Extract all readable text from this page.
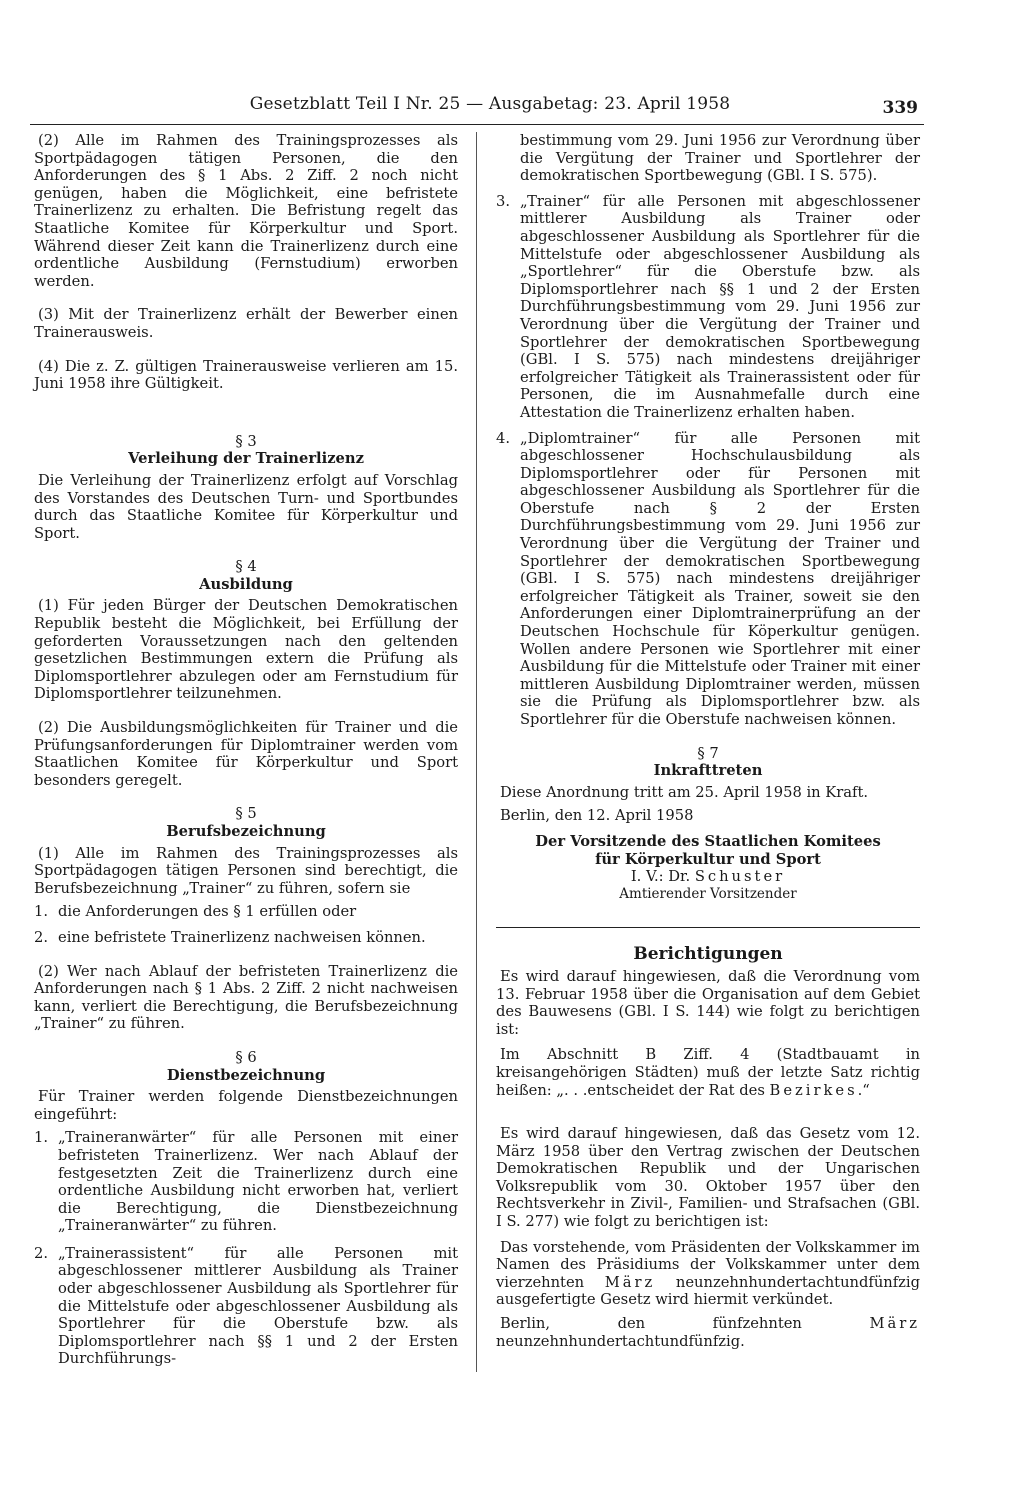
Gesetzblatt Teil I Nr. 25 — Ausgabetag: 23. April 1958	339

(2) Alle im Rahmen des Trainingsprozesses als Sportpädagogen tätigen Personen, die den Anforderungen des § 1 Abs. 2 Ziff. 2 noch nicht genügen, haben die Möglichkeit, eine befristete Trainerlizenz zu erhalten. Die Befristung regelt das Staatliche Komitee für Körperkultur und Sport. Während dieser Zeit kann die Trainerlizenz durch eine ordentliche Ausbildung (Fernstudium) erworben werden.

(3) Mit der Trainerlizenz erhält der Bewerber einen Trainerausweis.

(4) Die z. Z. gültigen Trainerausweise verlieren am 15. Juni 1958 ihre Gültigkeit.

§ 3

Verleihung der Trainerlizenz

Die Verleihung der Trainerlizenz erfolgt auf Vorschlag des Vorstandes des Deutschen Turn- und Sportbundes durch das Staatliche Komitee für Körperkultur und Sport.

§ 4

Ausbildung

(1) Für jeden Bürger der Deutschen Demokratischen Republik besteht die Möglichkeit, bei Erfüllung der geforderten Voraussetzungen nach den geltenden gesetzlichen Bestimmungen extern die Prüfung als Diplomsportlehrer abzulegen oder am Fernstudium für Diplomsportlehrer teilzunehmen.

(2) Die Ausbildungsmöglichkeiten für Trainer und die Prüfungsanforderungen für Diplomtrainer werden vom Staatlichen Komitee für Körperkultur und Sport besonders geregelt.

§ 5

Berufsbezeichnung

(1) Alle im Rahmen des Trainingsprozesses als Sportpädagogen tätigen Personen sind berechtigt, die Berufsbezeichnung „Trainer“ zu führen, sofern sie

1. die Anforderungen des § 1 erfüllen oder
2. eine befristete Trainerlizenz nachweisen können.

(2) Wer nach Ablauf der befristeten Trainerlizenz die Anforderungen nach § 1 Abs. 2 Ziff. 2 nicht nachweisen kann, verliert die Berechtigung, die Berufsbezeichnung „Trainer“ zu führen.

§ 6

Dienstbezeichnung

Für Trainer werden folgende Dienstbezeichnungen eingeführt:

1. „Traineranwärter“ für alle Personen mit einer befristeten Trainerlizenz. Wer nach Ablauf der festgesetzten Zeit die Trainerlizenz durch eine ordentliche Ausbildung nicht erworben hat, verliert die Berechtigung, die Dienstbezeichnung „Traineranwärter“ zu führen.
2. „Trainerassistent“ für alle Personen mit abgeschlossener mittlerer Ausbildung als Trainer oder abgeschlossener Ausbildung als Sportlehrer für die Mittelstufe oder abgeschlossener Ausbildung als Sportlehrer für die Oberstufe bzw. als Diplomsportlehrer nach §§ 1 und 2 der Ersten Durchführungs-
bestimmung vom 29. Juni 1956 zur Verordnung über die Vergütung der Trainer und Sportlehrer der demokratischen Sportbewegung (GBl. I S. 575).
3. „Trainer“ für alle Personen mit abgeschlossener mittlerer Ausbildung als Trainer oder abgeschlossener Ausbildung als Sportlehrer für die Mittelstufe oder abgeschlossener Ausbildung als „Sportlehrer“ für die Oberstufe bzw. als Diplomsportlehrer nach §§ 1 und 2 der Ersten Durchführungsbestimmung vom 29. Juni 1956 zur Verordnung über die Vergütung der Trainer und Sportlehrer der demokratischen Sportbewegung (GBl. I S. 575) nach mindestens dreijähriger erfolgreicher Tätigkeit als Trainerassistent oder für Personen, die im Ausnahmefalle durch eine Attestation die Trainerlizenz erhalten haben.
4. „Diplomtrainer“ für alle Personen mit abgeschlossener Hochschulausbildung als Diplomsportlehrer oder für Personen mit abgeschlossener Ausbildung als Sportlehrer für die Oberstufe nach § 2 der Ersten Durchführungsbestimmung vom 29. Juni 1956 zur Verordnung über die Vergütung der Trainer und Sportlehrer der demokratischen Sportbewegung (GBl. I S. 575) nach mindestens dreijähriger erfolgreicher Tätigkeit als Trainer, soweit sie den Anforderungen einer Diplomtrainerprüfung an der Deutschen Hochschule für Köperkultur genügen. Wollen andere Personen wie Sportlehrer mit einer Ausbildung für die Mittelstufe oder Trainer mit einer mittleren Ausbildung Diplomtrainer werden, müssen sie die Prüfung als Diplomsportlehrer bzw. als Sportlehrer für die Oberstufe nachweisen können.

§ 7

Inkrafttreten

Diese Anordnung tritt am 25. April 1958 in Kraft.

Berlin, den 12. April 1958

Der Vorsitzende des Staatlichen Komitees

für Körperkultur und Sport

I. V.: Dr. Schuster

Amtierender Vorsitzender

Berichtigungen

Es wird darauf hingewiesen, daß die Verordnung vom 13. Februar 1958 über die Organisation auf dem Gebiet des Bauwesens (GBl. I S. 144) wie folgt zu berichtigen ist:

Im Abschnitt B Ziff. 4 (Stadtbauamt in kreisangehörigen Städten) muß der letzte Satz richtig heißen: „. . .entscheidet der Rat des Bezirkes.“

Es wird darauf hingewiesen, daß das Gesetz vom 12. März 1958 über den Vertrag zwischen der Deutschen Demokratischen Republik und der Ungarischen Volksrepublik vom 30. Oktober 1957 über den Rechtsverkehr in Zivil-, Familien- und Strafsachen (GBl. I S. 277) wie folgt zu berichtigen ist:

Das vorstehende, vom Präsidenten der Volkskammer im Namen des Präsidiums der Volkskammer unter dem vierzehnten März neunzehnhundertachtundfünfzig ausgefertigte Gesetz wird hiermit verkündet.

Berlin, den fünfzehnten	März neunzehnhundertachtundfünfzig.
